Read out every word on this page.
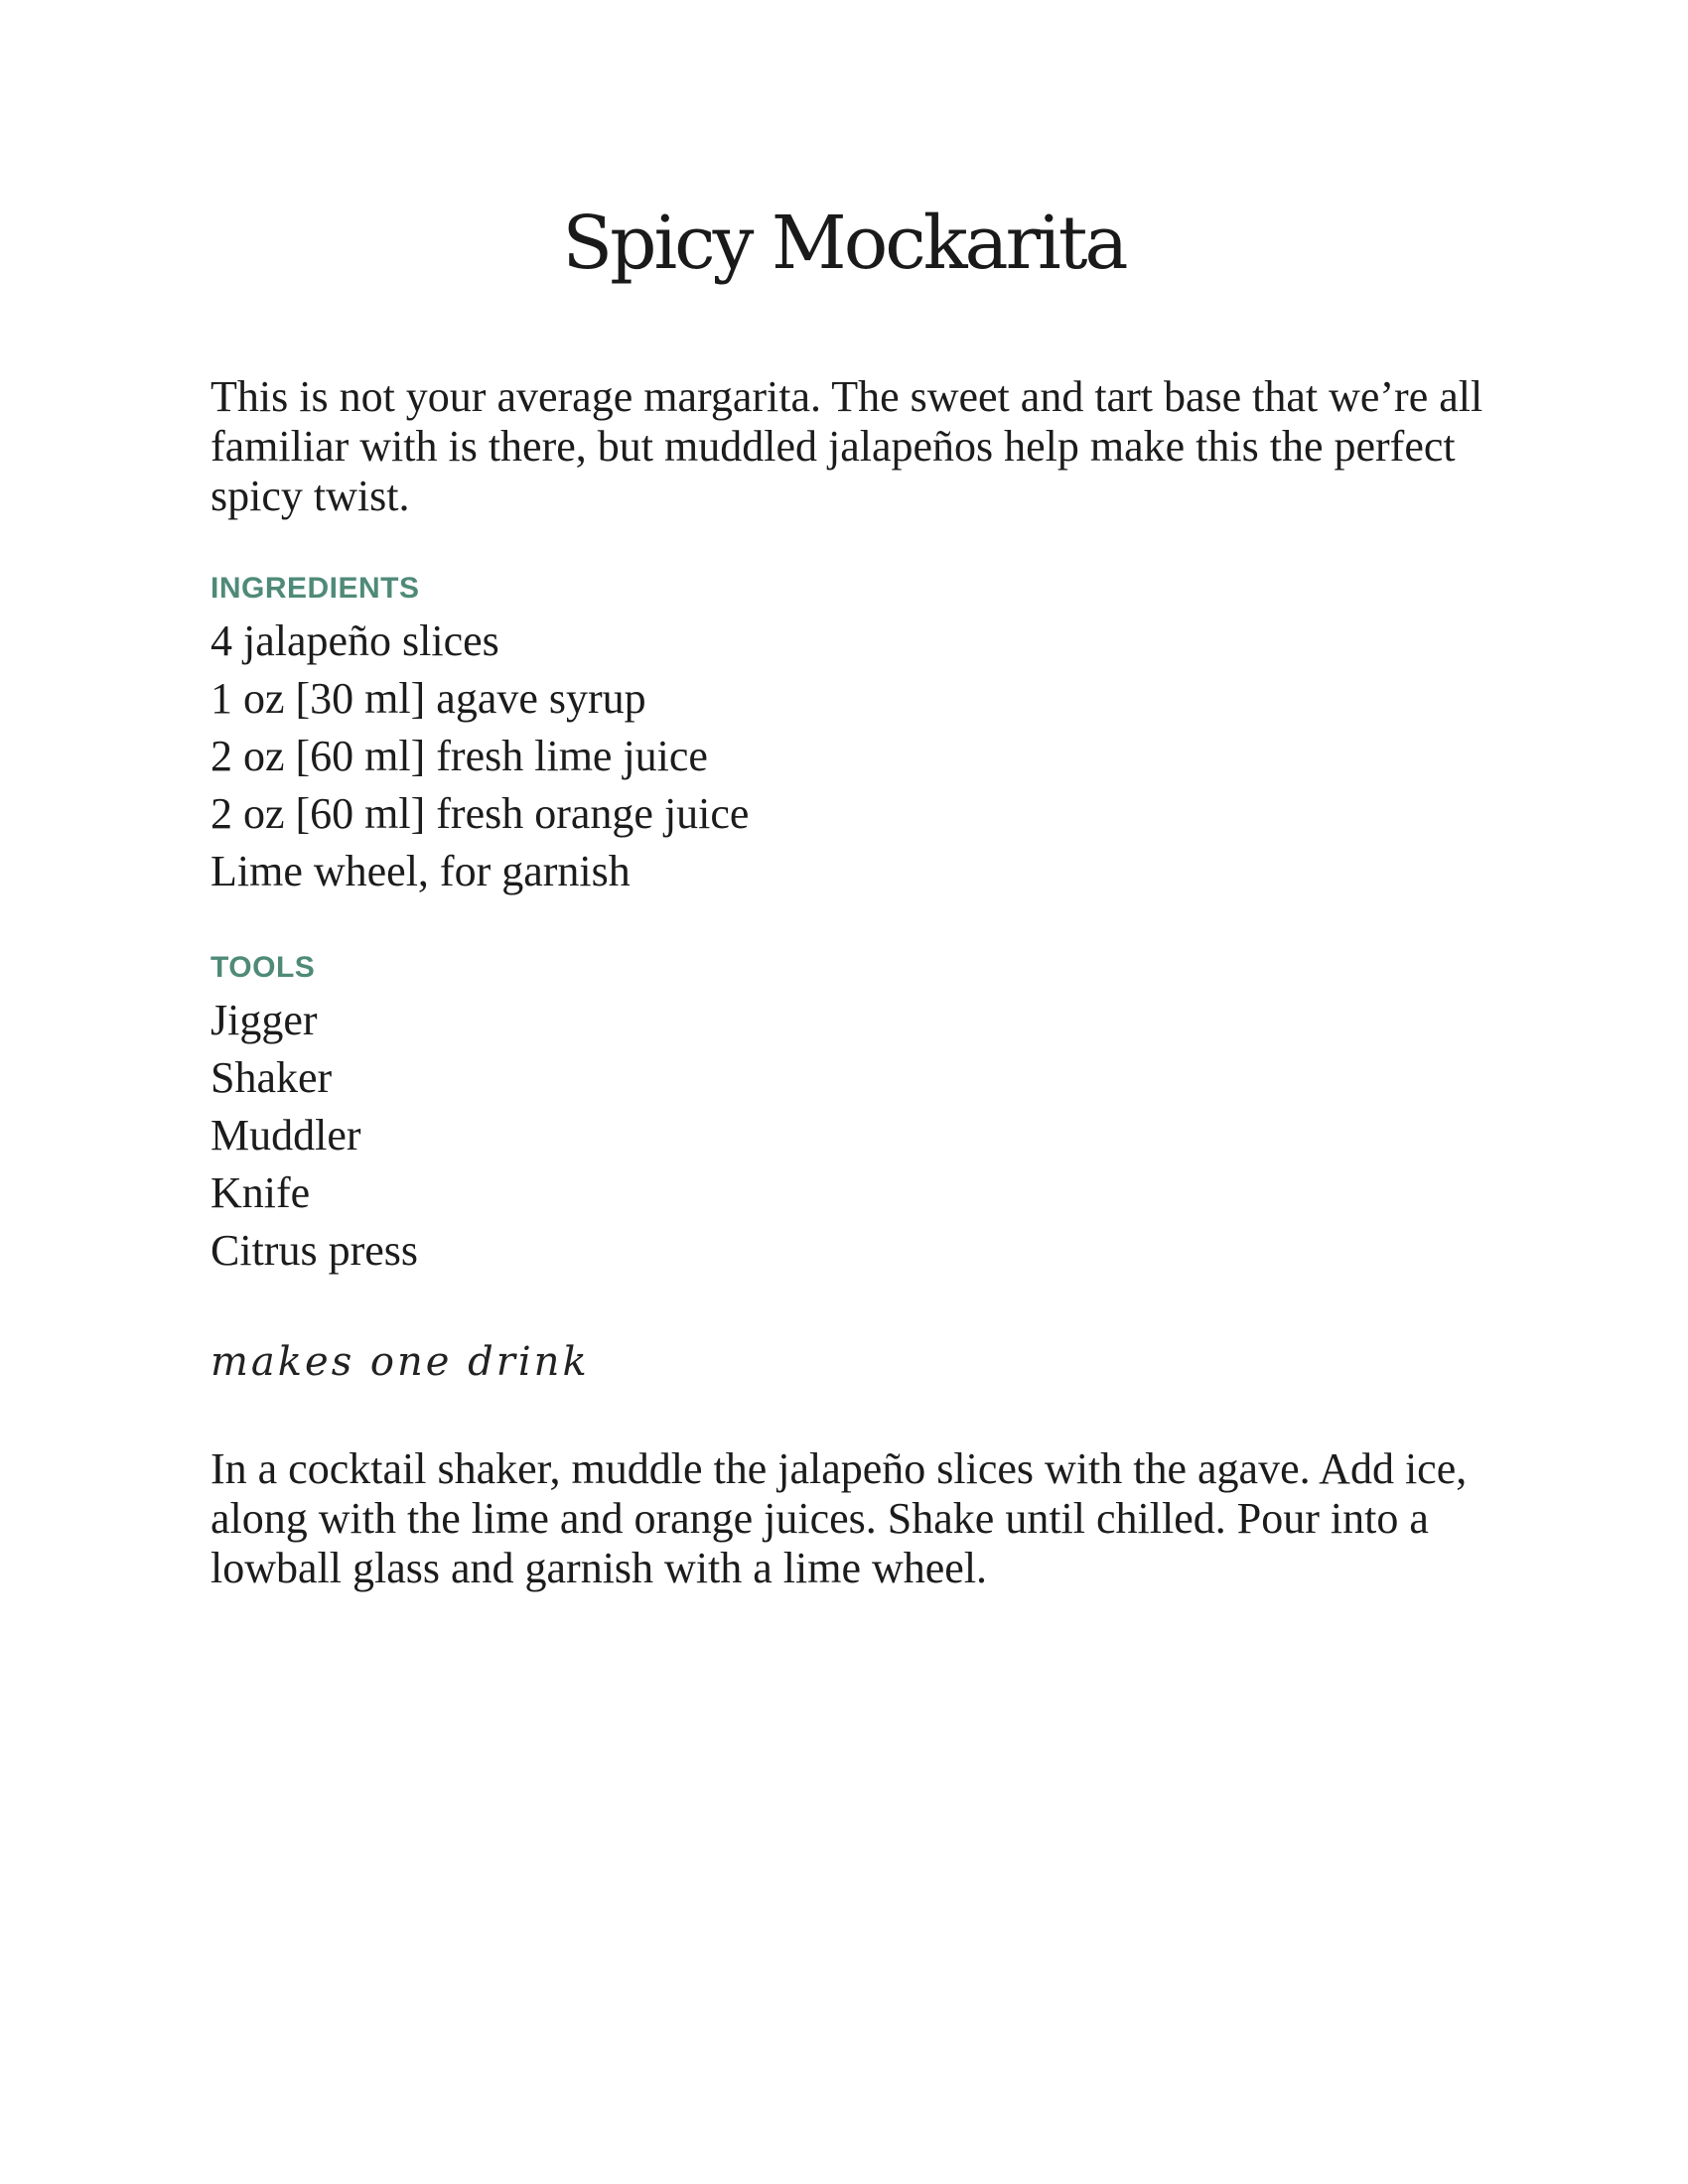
Spicy Mockarita

This is not your average margarita. The sweet and tart base that we’re all familiar with is there, but muddled jalapeños help make this the perfect spicy twist.

INGREDIENTS
4 jalapeño slices
1 oz [30 ml] agave syrup
2 oz [60 ml] fresh lime juice
2 oz [60 ml] fresh orange juice
Lime wheel, for garnish
TOOLS
Jigger
Shaker
Muddler
Knife
Citrus press

makes one drink

In a cocktail shaker, muddle the jalapeño slices with the agave. Add ice, along with the lime and orange juices. Shake until chilled. Pour into a lowball glass and garnish with a lime wheel.
